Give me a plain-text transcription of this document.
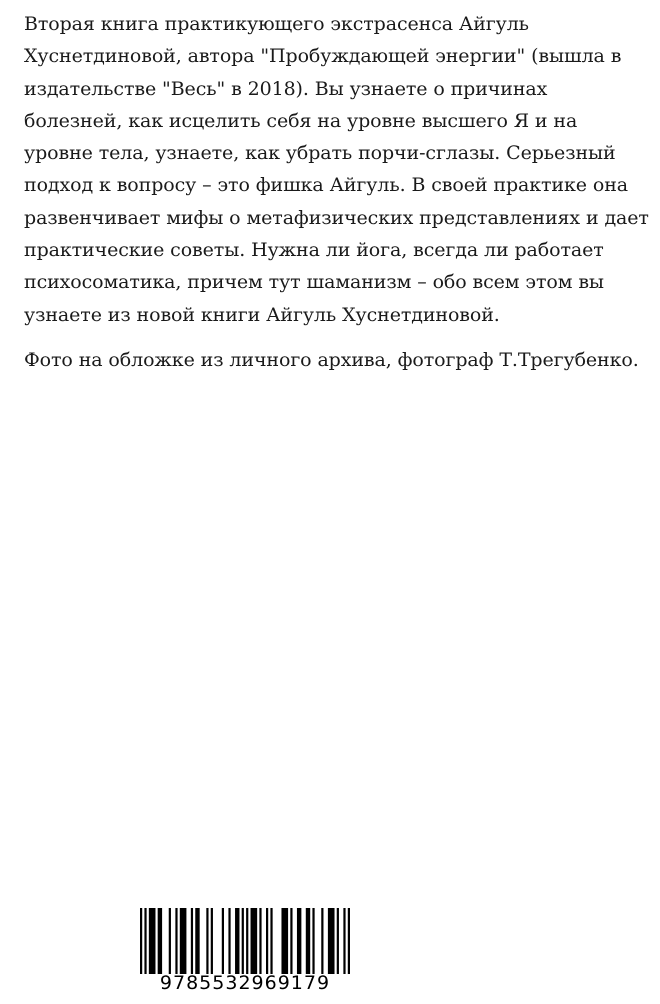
Вторая книга практикующего экстрасенса Айгуль Хуснетдиновой, автора "Пробуждающей энергии" (вышла в издательстве "Весь" в 2018). Вы узнаете о причинах болезней, как исцелить себя на уровне высшего Я и на уровне тела, узнаете, как убрать порчи-сглазы. Серьезный подход к вопросу – это фишка Айгуль. В своей практике она развенчивает мифы о метафизических представлениях и дает практические советы. Нужна ли йога, всегда ли работает психосоматика, причем тут шаманизм – обо всем этом вы узнаете из новой книги Айгуль Хуснетдиновой.

Фото на обложке из личного архива, фотограф Т.Трегубенко.

9785532969179
